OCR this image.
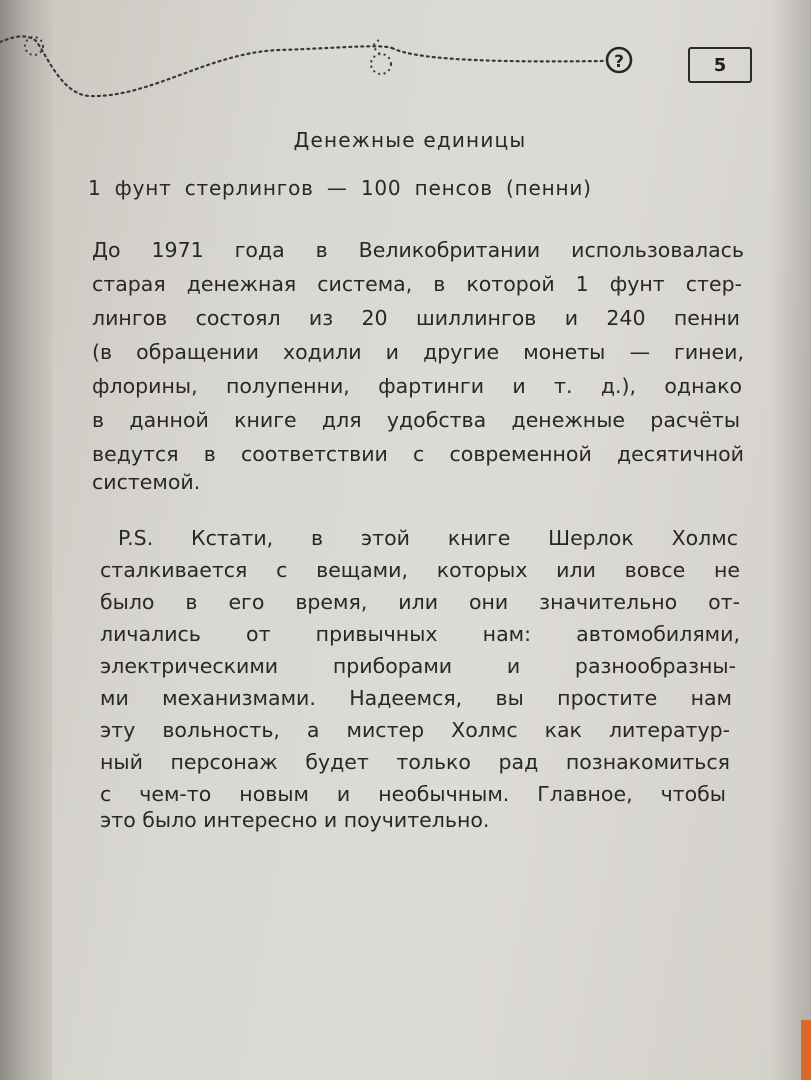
?	5
Денежные единицы
1 фунт стерлингов — 100 пенсов (пенни)
До 1971 года в Великобритании использовалась
старая денежная система, в которой 1 фунт стер-
лингов состоял из 20 шиллингов и 240 пенни
(в обращении ходили и другие монеты — гинеи,
флорины, полупенни, фартинги и т. д.), однако
в данной книге для удобства денежные расчёты
ведутся в соответствии с современной десятичной
системой.
P.S. Кстати, в этой книге Шерлок Холмс
сталкивается с вещами, которых или вовсе не
было в его время, или они значительно от-
личались от привычных нам: автомобилями,
электрическими приборами и разнообразны-
ми механизмами. Надеемся, вы простите нам
эту вольность, а мистер Холмс как литератур-
ный персонаж будет только рад познакомиться
с чем-то новым и необычным. Главное, чтобы
это было интересно и поучительно.
